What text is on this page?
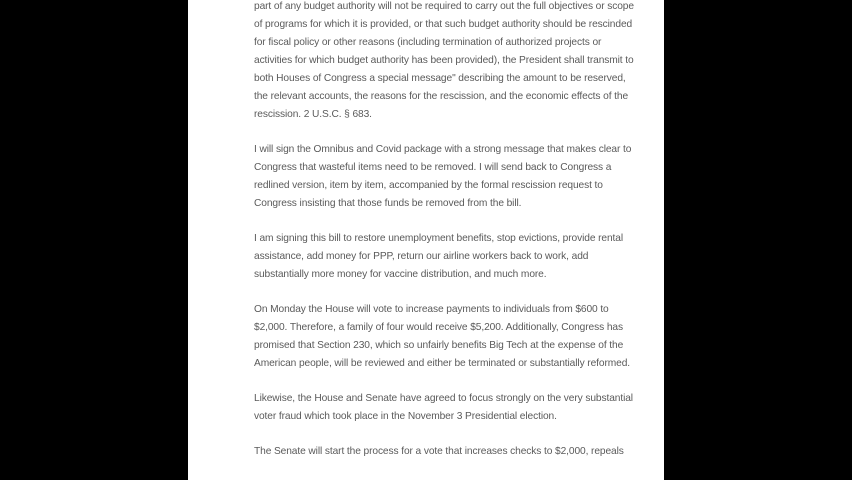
part of any budget authority will not be required to carry out the full objectives or scope of programs for which it is provided, or that such budget authority should be rescinded for fiscal policy or other reasons (including termination of authorized projects or activities for which budget authority has been provided), the President shall transmit to both Houses of Congress a special message" describing the amount to be reserved, the relevant accounts, the reasons for the rescission, and the economic effects of the rescission. 2 U.S.C. § 683.

I will sign the Omnibus and Covid package with a strong message that makes clear to Congress that wasteful items need to be removed. I will send back to Congress a redlined version, item by item, accompanied by the formal rescission request to Congress insisting that those funds be removed from the bill.

I am signing this bill to restore unemployment benefits, stop evictions, provide rental assistance, add money for PPP, return our airline workers back to work, add substantially more money for vaccine distribution, and much more.

On Monday the House will vote to increase payments to individuals from $600 to $2,000. Therefore, a family of four would receive $5,200. Additionally, Congress has promised that Section 230, which so unfairly benefits Big Tech at the expense of the American people, will be reviewed and either be terminated or substantially reformed.

Likewise, the House and Senate have agreed to focus strongly on the very substantial voter fraud which took place in the November 3 Presidential election.

The Senate will start the process for a vote that increases checks to $2,000, repeals
